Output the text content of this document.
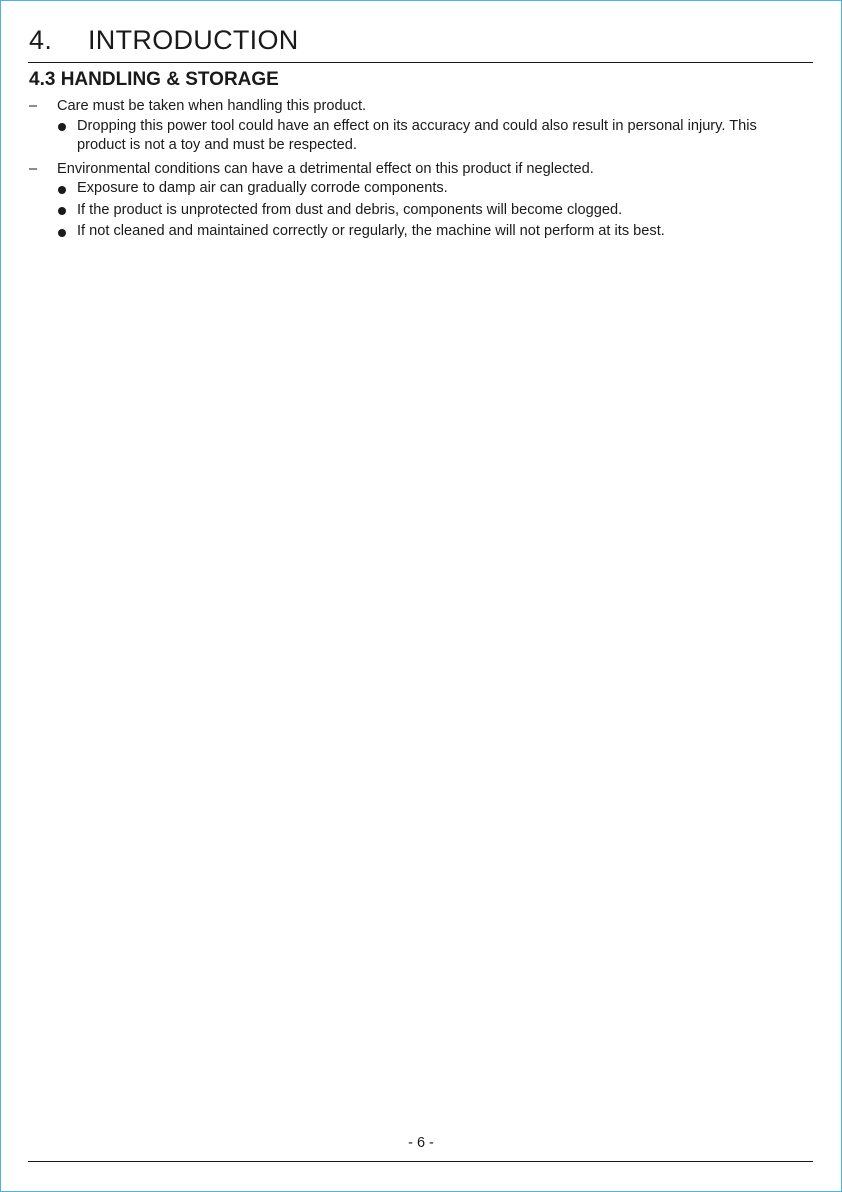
4. INTRODUCTION
4.3 HANDLING & STORAGE
– Care must be taken when handling this product.
Dropping this power tool could have an effect on its accuracy and could also result in personal injury. This product is not a toy and must be respected.
– Environmental conditions can have a detrimental effect on this product if neglected.
Exposure to damp air can gradually corrode components.
If the product is unprotected from dust and debris, components will become clogged.
If not cleaned and maintained correctly or regularly, the machine will not perform at its best.
- 6 -
